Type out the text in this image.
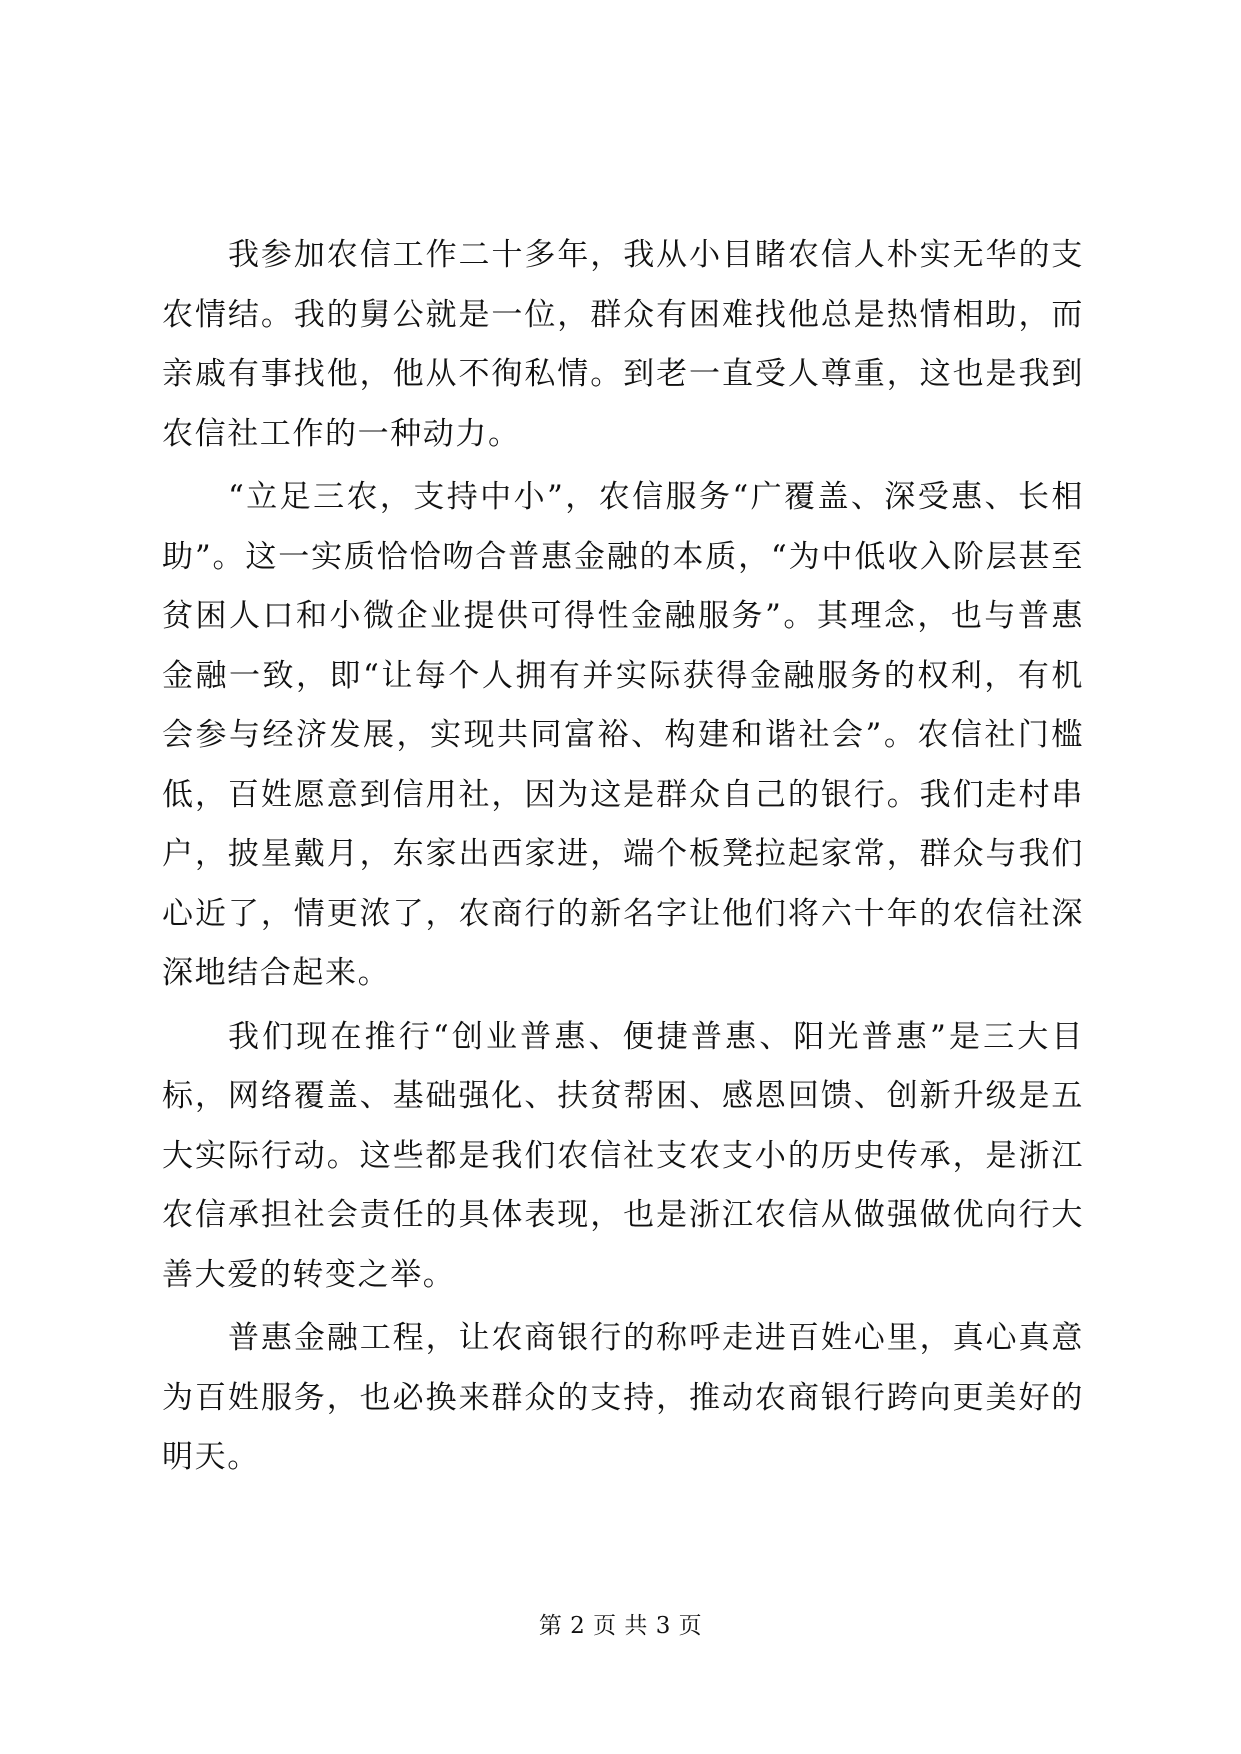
我参加农信工作二十多年，我从小目睹农信人朴实无华的支农情结。我的舅公就是一位，群众有困难找他总是热情相助，而亲戚有事找他，他从不徇私情。到老一直受人尊重，这也是我到农信社工作的一种动力。

“立足三农，支持中小”，农信服务“广覆盖、深受惠、长相助”。这一实质恰恰吻合普惠金融的本质，“为中低收入阶层甚至贫困人口和小微企业提供可得性金融服务”。其理念，也与普惠金融一致，即“让每个人拥有并实际获得金融服务的权利，有机会参与经济发展，实现共同富裕、构建和谐社会”。农信社门槛低，百姓愿意到信用社，因为这是群众自己的银行。我们走村串户，披星戴月，东家出西家进，端个板凳拉起家常，群众与我们心近了，情更浓了，农商行的新名字让他们将六十年的农信社深深地结合起来。

我们现在推行“创业普惠、便捷普惠、阳光普惠”是三大目标，网络覆盖、基础强化、扶贫帮困、感恩回馈、创新升级是五大实际行动。这些都是我们农信社支农支小的历史传承，是浙江农信承担社会责任的具体表现，也是浙江农信从做强做优向行大善大爱的转变之举。

普惠金融工程，让农商银行的称呼走进百姓心里，真心真意为百姓服务，也必换来群众的支持，推动农商银行跨向更美好的明天。

第 2 页 共 3 页
